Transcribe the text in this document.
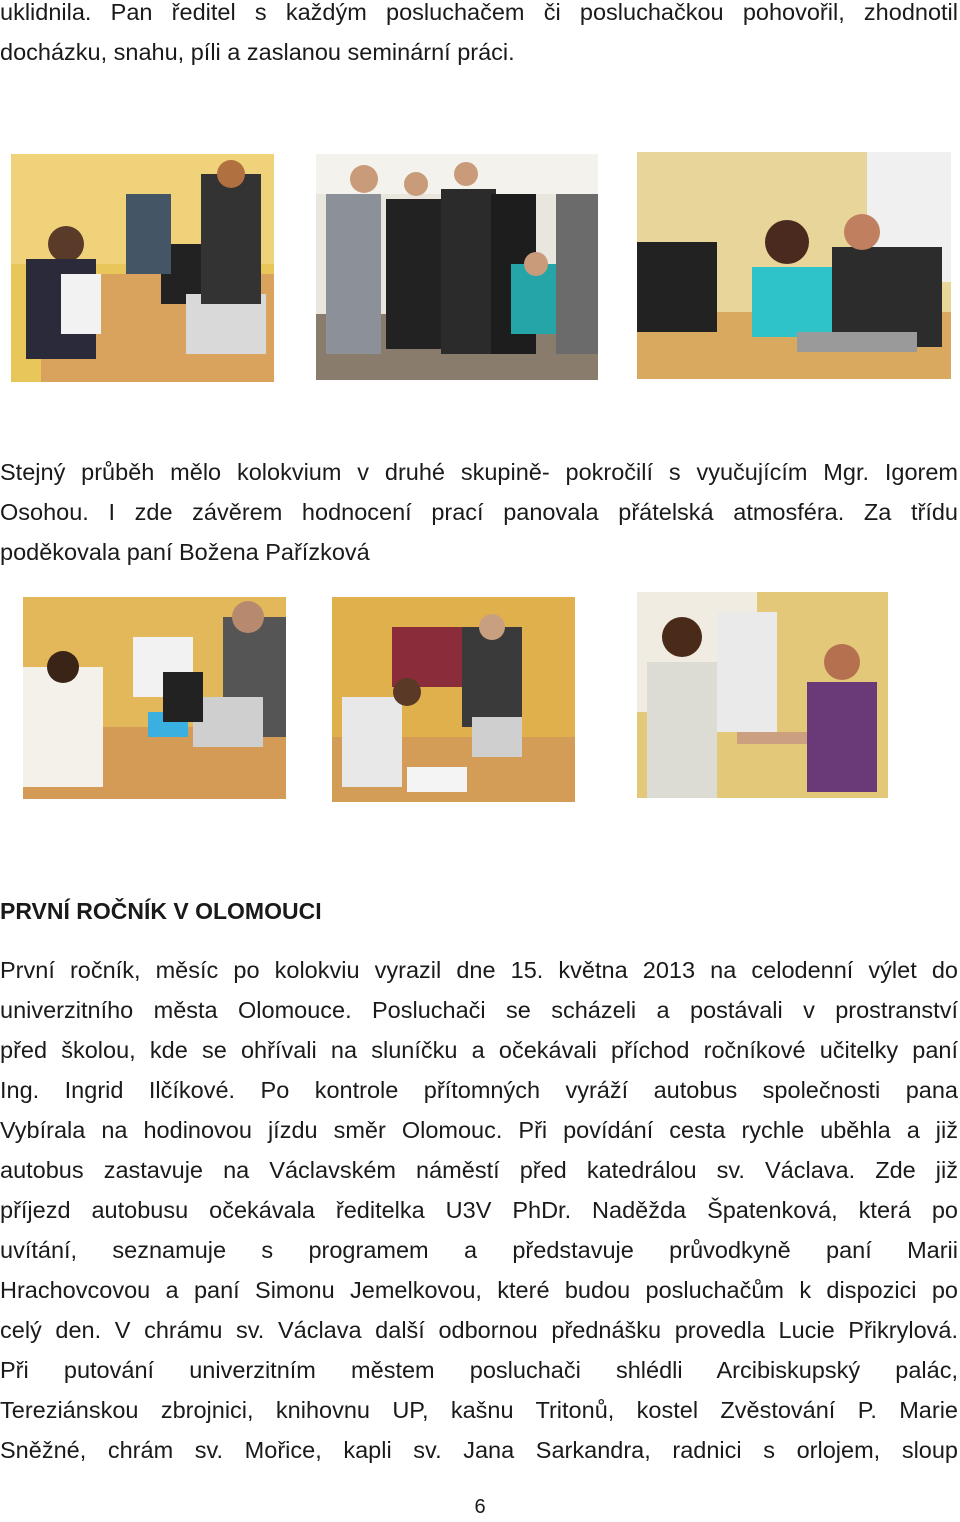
uklidnila. Pan ředitel s každým posluchačem či posluchačkou pohovořil, zhodnotil
docházku, snahu, píli a zaslanou seminární práci.
Stejný průběh mělo kolokvium v druhé skupině- pokročilí s vyučujícím Mgr. Igorem
Osohou. I zde závěrem hodnocení prací panovala přátelská atmosféra. Za třídu
poděkovala paní Božena Pařízková
PRVNÍ ROČNÍK V OLOMOUCI
První ročník, měsíc po kolokviu vyrazil dne 15. května 2013 na celodenní výlet do
univerzitního města Olomouce. Posluchači se scházeli a postávali v prostranství
před školou, kde se ohřívali na sluníčku a očekávali příchod ročníkové učitelky paní
Ing. Ingrid Ilčíkové. Po kontrole přítomných vyráží autobus společnosti pana
Vybírala na hodinovou jízdu směr Olomouc. Při povídání cesta rychle uběhla a již
autobus zastavuje na Václavském náměstí před katedrálou sv. Václava. Zde již
příjezd autobusu očekávala ředitelka U3V PhDr. Naděžda Špatenková, která po
uvítání, seznamuje s programem a představuje průvodkyně paní Marii
Hrachovcovou a paní Simonu Jemelkovou, které budou posluchačům k dispozici po
celý den. V chrámu sv. Václava další odbornou přednášku provedla Lucie Přikrylová.
Při putování univerzitním městem posluchači shlédli Arcibiskupský palác,
Tereziánskou zbrojnici, knihovnu UP, kašnu Tritonů, kostel Zvěstování P. Marie
Sněžné, chrám sv. Mořice, kapli sv. Jana Sarkandra, radnici s orlojem, sloup
6
